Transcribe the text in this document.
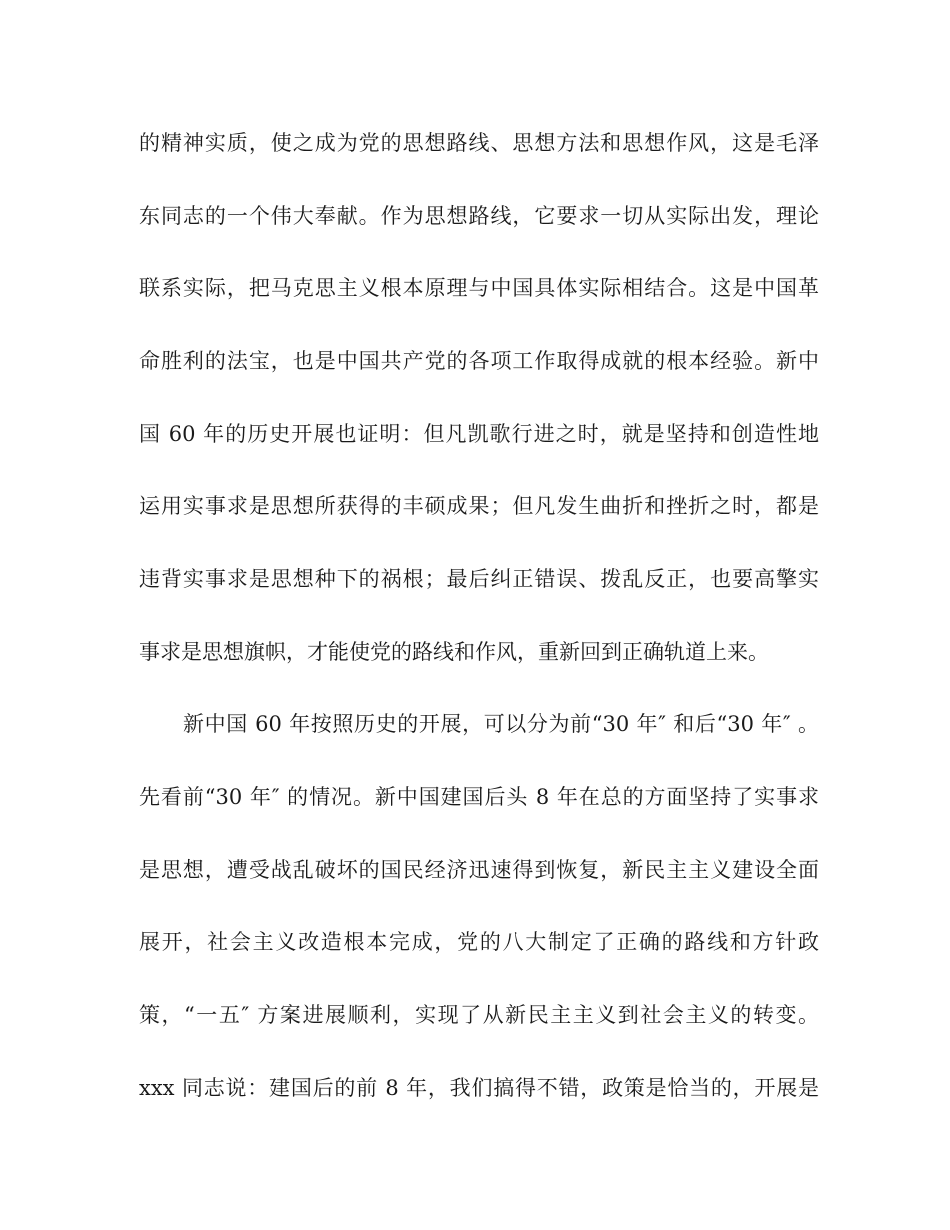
的精神实质，使之成为党的思想路线、思想方法和思想作风，这是毛泽
东同志的一个伟大奉献。作为思想路线，它要求一切从实际出发，理论
联系实际，把马克思主义根本原理与中国具体实际相结合。这是中国革
命胜利的法宝，也是中国共产党的各项工作取得成就的根本经验。新中
国 60 年的历史开展也证明：但凡凯歌行进之时，就是坚持和创造性地
运用实事求是思想所获得的丰硕成果；但凡发生曲折和挫折之时，都是
违背实事求是思想种下的祸根；最后纠正错误、拨乱反正，也要高擎实
事求是思想旗帜，才能使党的路线和作风，重新回到正确轨道上来。
新中国 60 年按照历史的开展，可以分为前“30 年″ 和后“30 年″ 。
先看前“30 年″ 的情况。新中国建国后头 8 年在总的方面坚持了实事求
是思想，遭受战乱破坏的国民经济迅速得到恢复，新民主主义建设全面
展开，社会主义改造根本完成，党的八大制定了正确的路线和方针政
策，“一五″ 方案进展顺利，实现了从新民主主义到社会主义的转变。
xxx 同志说：建国后的前 8 年，我们搞得不错，政策是恰当的，开展是
